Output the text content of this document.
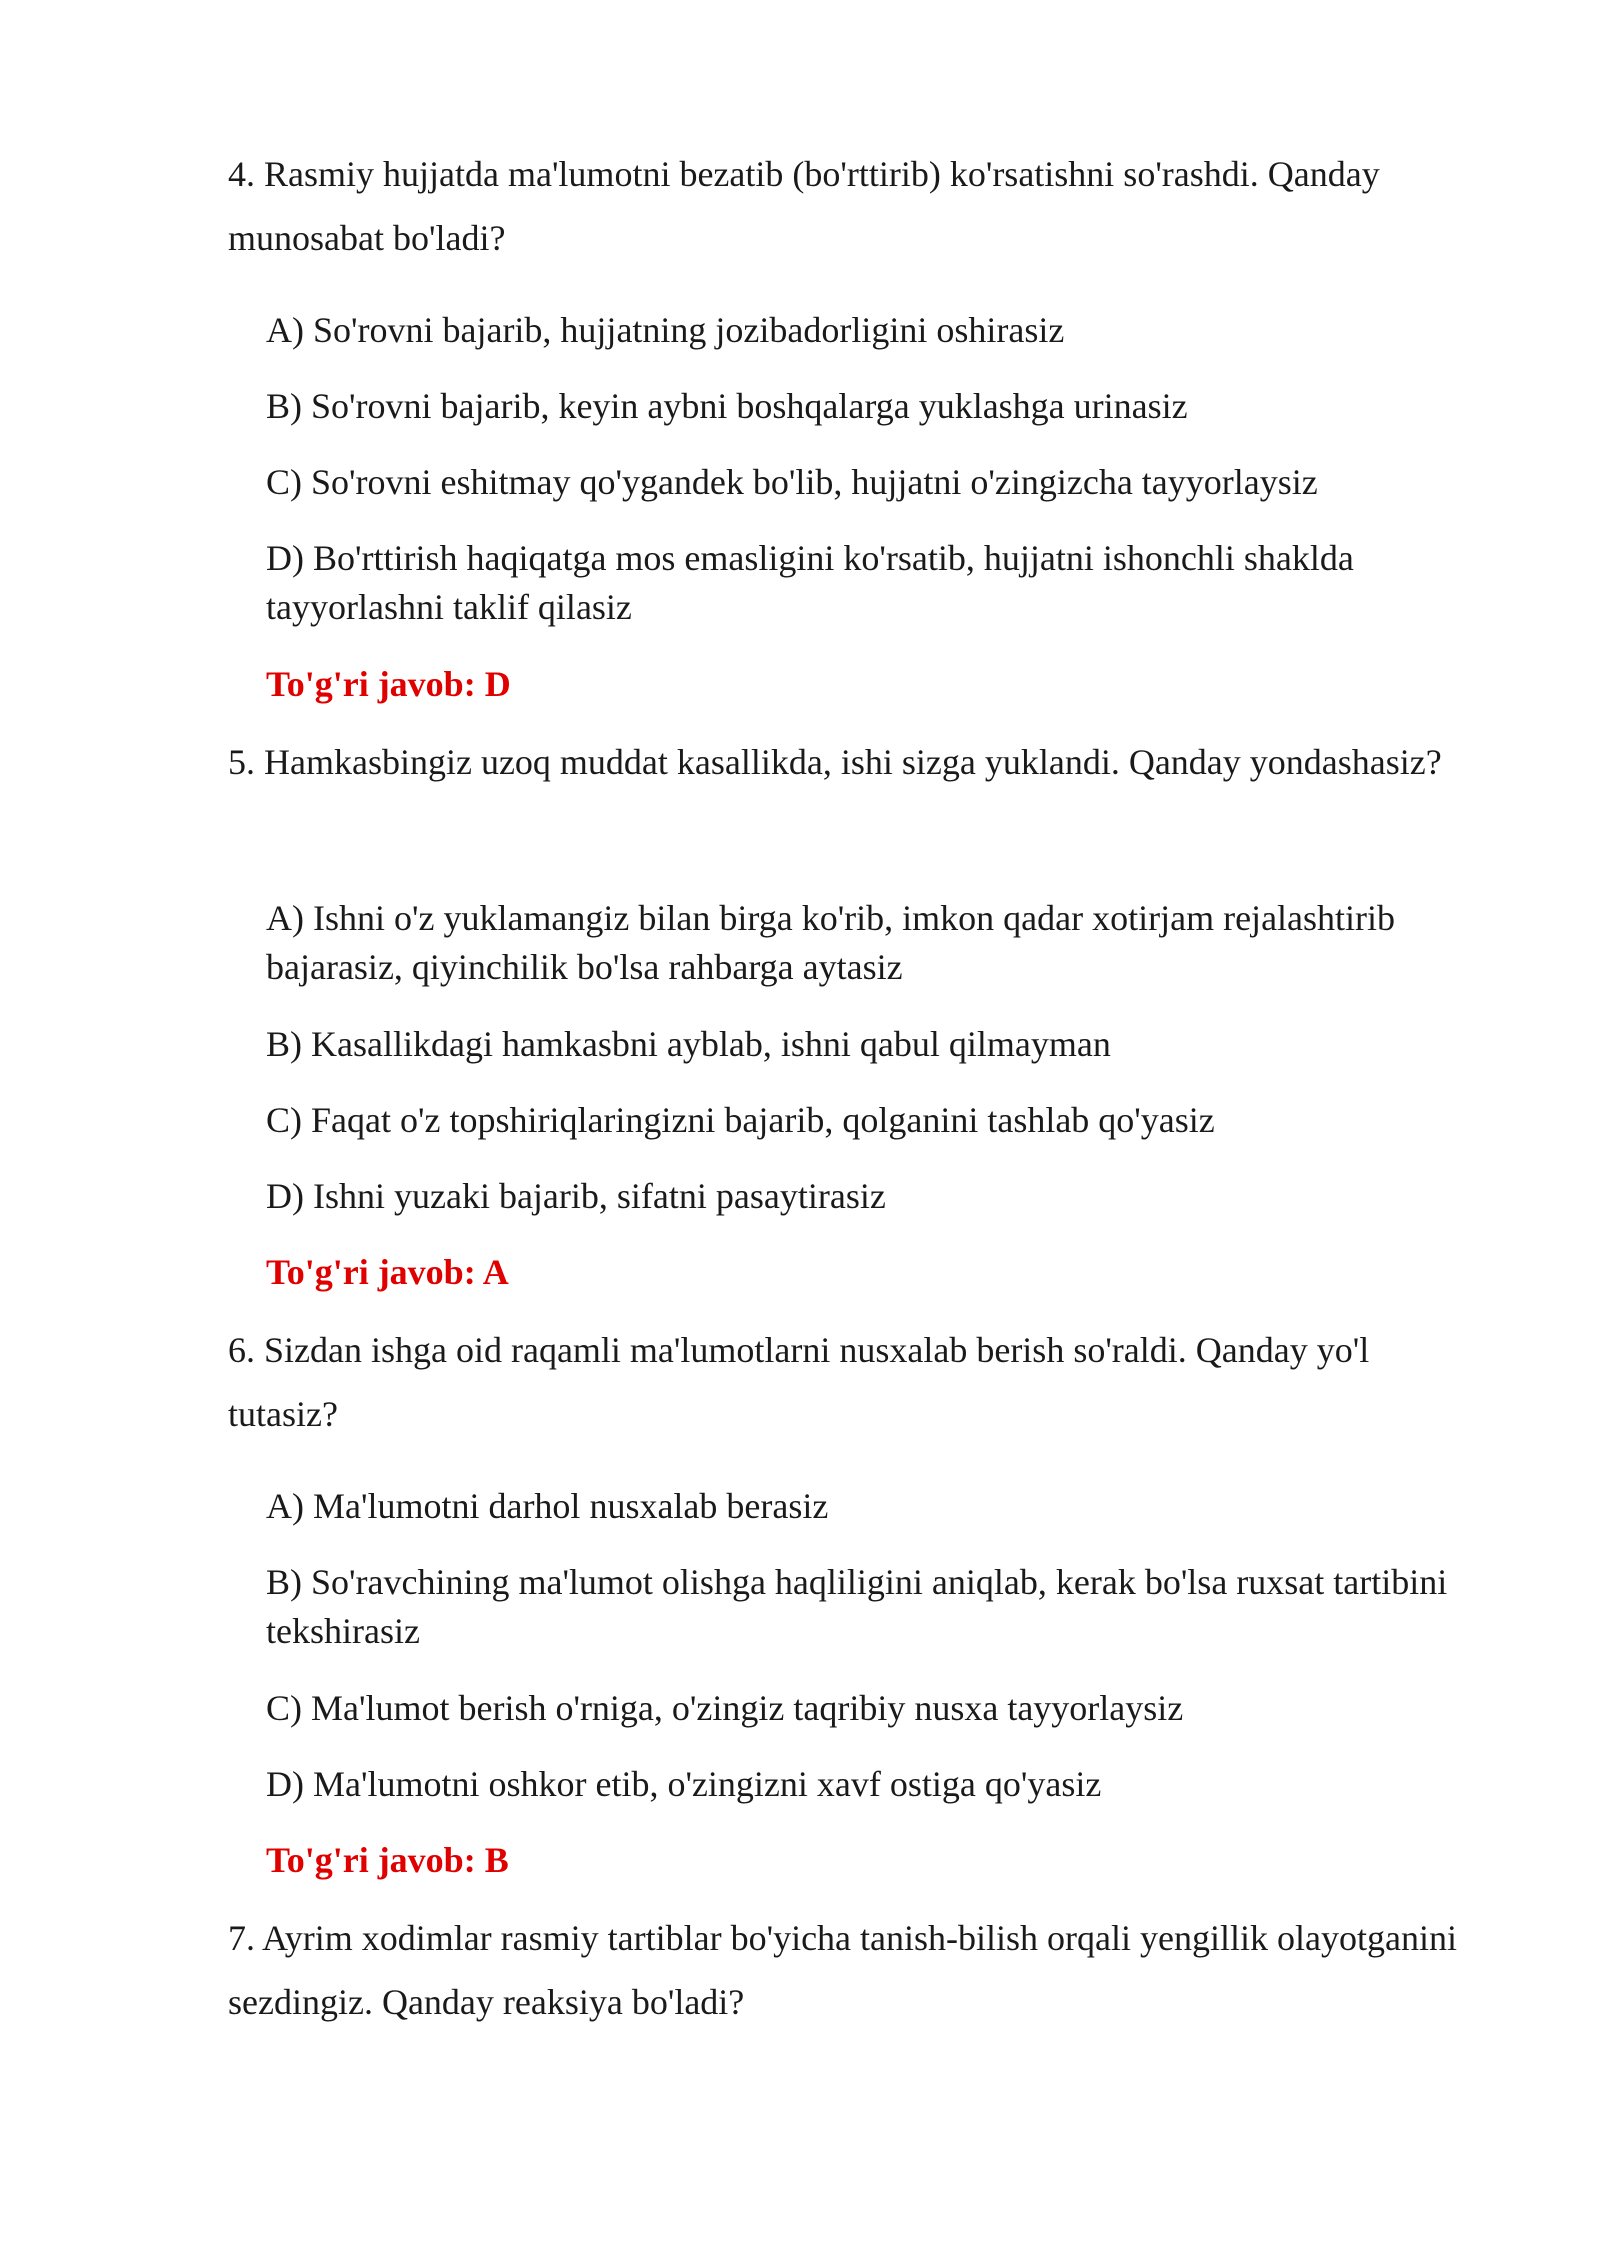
4. Rasmiy hujjatda ma'lumotni bezatib (bo'rttirib) ko'rsatishni so'rashdi. Qanday munosabat bo'ladi?
A) So'rovni bajarib, hujjatning jozibadorligini oshirasiz
B) So'rovni bajarib, keyin aybni boshqalarga yuklashga urinasiz
C) So'rovni eshitmay qo'ygandek bo'lib, hujjatni o'zingizcha tayyorlaysiz
D) Bo'rttirish haqiqatga mos emasligini ko'rsatib, hujjatni ishonchli shaklda tayyorlashni taklif qilasiz
To'g'ri javob: D
5. Hamkasbingiz uzoq muddat kasallikda, ishi sizga yuklandi. Qanday yondashasiz?
A) Ishni o'z yuklamangiz bilan birga ko'rib, imkon qadar xotirjam rejalashtirib bajarasiz, qiyinchilik bo'lsa rahbarga aytasiz
B) Kasallikdagi hamkasbni ayblab, ishni qabul qilmayman
C) Faqat o'z topshiriqlaringizni bajarib, qolganini tashlab qo'yasiz
D) Ishni yuzaki bajarib, sifatni pasaytirasiz
To'g'ri javob: A
6. Sizdan ishga oid raqamli ma'lumotlarni nusxalab berish so'raldi. Qanday yo'l tutasiz?
A) Ma'lumotni darhol nusxalab berasiz
B) So'ravchining ma'lumot olishga haqliligini aniqlab, kerak bo'lsa ruxsat tartibini tekshirasiz
C) Ma'lumot berish o'rniga, o'zingiz taqribiy nusxa tayyorlaysiz
D) Ma'lumotni oshkor etib, o'zingizni xavf ostiga qo'yasiz
To'g'ri javob: B
7. Ayrim xodimlar rasmiy tartiblar bo'yicha tanish-bilish orqali yengillik olayotganini sezdingiz. Qanday reaksiya bo'ladi?
